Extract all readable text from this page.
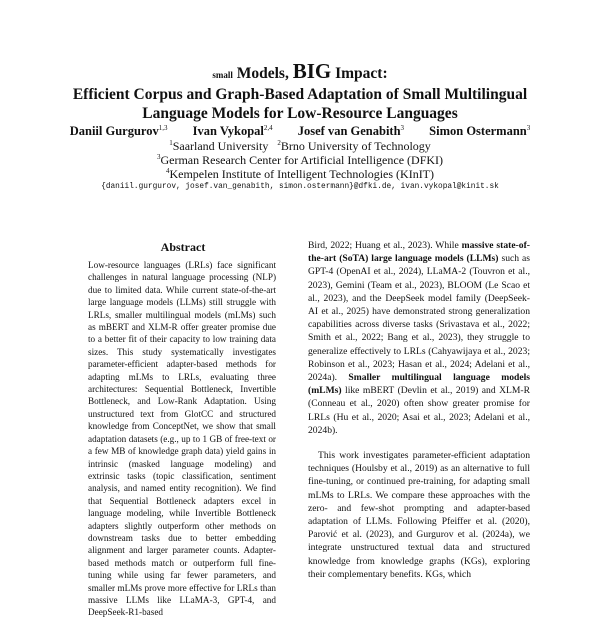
small Models, BIG Impact:
Efficient Corpus and Graph-Based Adaptation of Small Multilingual
Language Models for Low-Resource Languages
Daniil Gurgurov$^{1,3}$ Ivan Vykopal$^{2,4}$ Josef van Genabith$^3$ Simon Ostermann$^3$
$^1$Saarland University $^2$Brno University of Technology
$^3$German Research Center for Artificial Intelligence (DFKI)
$^4$Kempelen Institute of Intelligent Technologies (KInIT)
{daniil.gurgurov, josef.van_genabith, simon.ostermann}@dfki.de, ivan.vykopal@kinit.sk
Abstract
Low-resource languages (LRLs) face significant challenges in natural language processing (NLP) due to limited data. While current state-of-the-art large language models (LLMs) still struggle with LRLs, smaller multilingual models (mLMs) such as mBERT and XLM-R offer greater promise due to a better fit of their capacity to low training data sizes. This study systematically investigates parameter-efficient adapter-based methods for adapting mLMs to LRLs, evaluating three architectures: Sequential Bottleneck, Invertible Bottleneck, and Low-Rank Adaptation. Using unstructured text from GlotCC and structured knowledge from ConceptNet, we show that small adaptation datasets (e.g., up to 1 GB of free-text or a few MB of knowledge graph data) yield gains in intrinsic (masked language modeling) and extrinsic tasks (topic classification, sentiment analysis, and named entity recognition). We find that Sequential Bottleneck adapters excel in language modeling, while Invertible Bottleneck adapters slightly outperform other methods on downstream tasks due to better embedding alignment and larger parameter counts. Adapter-based methods match or outperform full fine-tuning while using far fewer parameters, and smaller mLMs prove more effective for LRLs than massive LLMs like LLaMA-3, GPT-4, and DeepSeek-R1-based

Bird, 2022; Huang et al., 2023). While massive state-of-the-art (SoTA) large language models (LLMs) such as GPT-4 (OpenAI et al., 2024), LLaMA-2 (Touvron et al., 2023), Gemini (Team et al., 2023), BLOOM (Le Scao et al., 2023), and the DeepSeek model family (DeepSeek-AI et al., 2025) have demonstrated strong generalization capabilities across diverse tasks (Srivastava et al., 2022; Smith et al., 2022; Bang et al., 2023), they struggle to generalize effectively to LRLs (Cahyawijaya et al., 2023; Robinson et al., 2023; Hasan et al., 2024; Adelani et al., 2024a). Smaller multilingual language models (mLMs) like mBERT (Devlin et al., 2019) and XLM-R (Conneau et al., 2020) often show greater promise for LRLs (Hu et al., 2020; Asai et al., 2023; Adelani et al., 2024b).

This work investigates parameter-efficient adaptation techniques (Houlsby et al., 2019) as an alternative to full fine-tuning, or continued pre-training, for adapting small mLMs to LRLs. We compare these approaches with the zero- and few-shot prompting and adapter-based adaptation of LLMs. Following Pfeiffer et al. (2020), Parović et al. (2023), and Gurgurov et al. (2024a), we integrate unstructured textual data and structured knowledge from knowledge graphs (KGs), exploring their complementary benefits. KGs, which
